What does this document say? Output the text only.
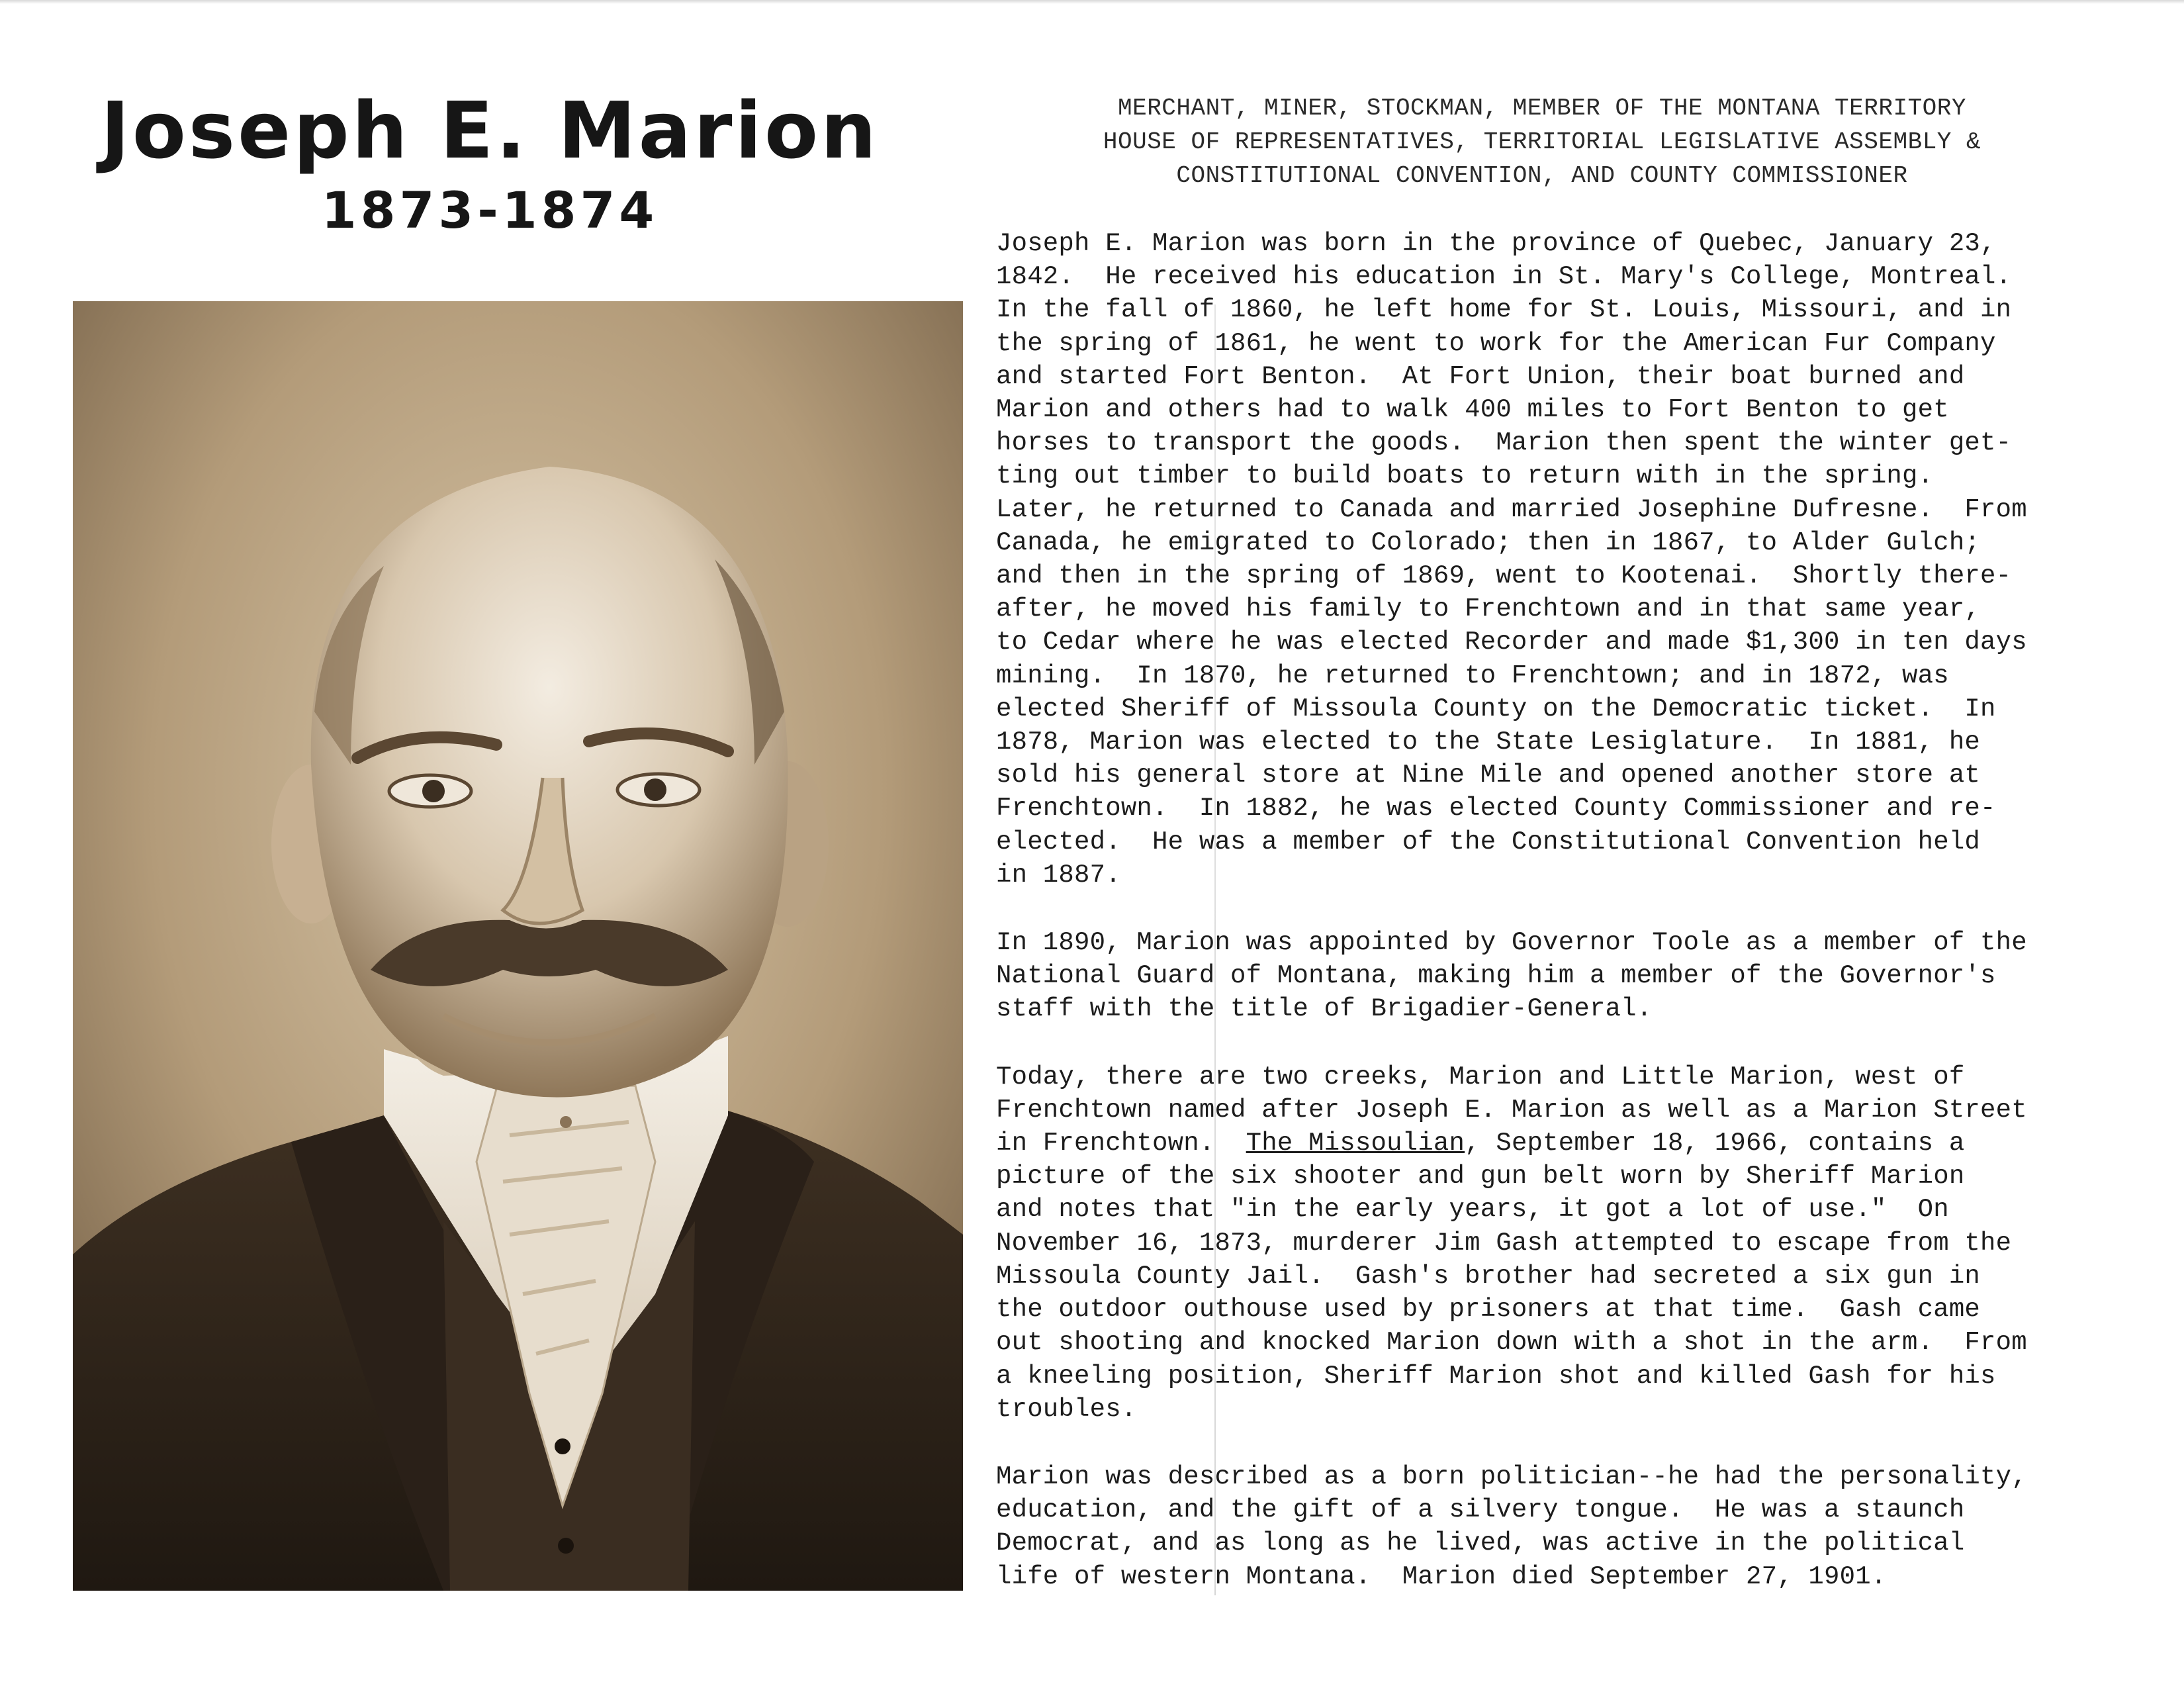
Joseph E. Marion
1873-1874
MERCHANT, MINER, STOCKMAN, MEMBER OF THE MONTANA TERRITORY
HOUSE OF REPRESENTATIVES, TERRITORIAL LEGISLATIVE ASSEMBLY &
CONSTITUTIONAL CONVENTION, AND COUNTY COMMISSIONER

Joseph E. Marion was born in the province of Quebec, January 23,
1842.  He received his education in St. Mary's College, Montreal.
In the fall of 1860, he left home for St. Louis, Missouri, and in
the spring of 1861, he went to work for the American Fur Company
and started Fort Benton.  At Fort Union, their boat burned and
Marion and others had to walk 400 miles to Fort Benton to get
horses to transport the goods.  Marion then spent the winter get-
ting out timber to build boats to return with in the spring.
Later, he returned to Canada and married Josephine Dufresne.  From
Canada, he emigrated to Colorado; then in 1867, to Alder Gulch;
and then in the spring of 1869, went to Kootenai.  Shortly there-
after, he moved his family to Frenchtown and in that same year,
to Cedar where he was elected Recorder and made $1,300 in ten days
mining.  In 1870, he returned to Frenchtown; and in 1872, was
elected Sheriff of Missoula County on the Democratic ticket.  In
1878, Marion was elected to the State Lesiglature.  In 1881, he
sold his general store at Nine Mile and opened another store at
Frenchtown.  In 1882, he was elected County Commissioner and re-
elected.  He was a member of the Constitutional Convention held
in 1887.

In 1890, Marion was appointed by Governor Toole as a member of the
National Guard of Montana, making him a member of the Governor's
staff with the title of Brigadier-General.

Today, there are two creeks, Marion and Little Marion, west of
Frenchtown named after Joseph E. Marion as well as a Marion Street
in Frenchtown.  The Missoulian, September 18, 1966, contains a
picture of the six shooter and gun belt worn by Sheriff Marion
and notes that "in the early years, it got a lot of use."  On
November 16, 1873, murderer Jim Gash attempted to escape from the
Missoula County Jail.  Gash's brother had secreted a six gun in
the outdoor outhouse used by prisoners at that time.  Gash came
out shooting and knocked Marion down with a shot in the arm.  From
a kneeling position, Sheriff Marion shot and killed Gash for his
troubles.

Marion was described as a born politician--he had the personality,
education, and the gift of a silvery tongue.  He was a staunch
Democrat, and as long as he lived, was active in the political
life of western Montana.  Marion died September 27, 1901.
